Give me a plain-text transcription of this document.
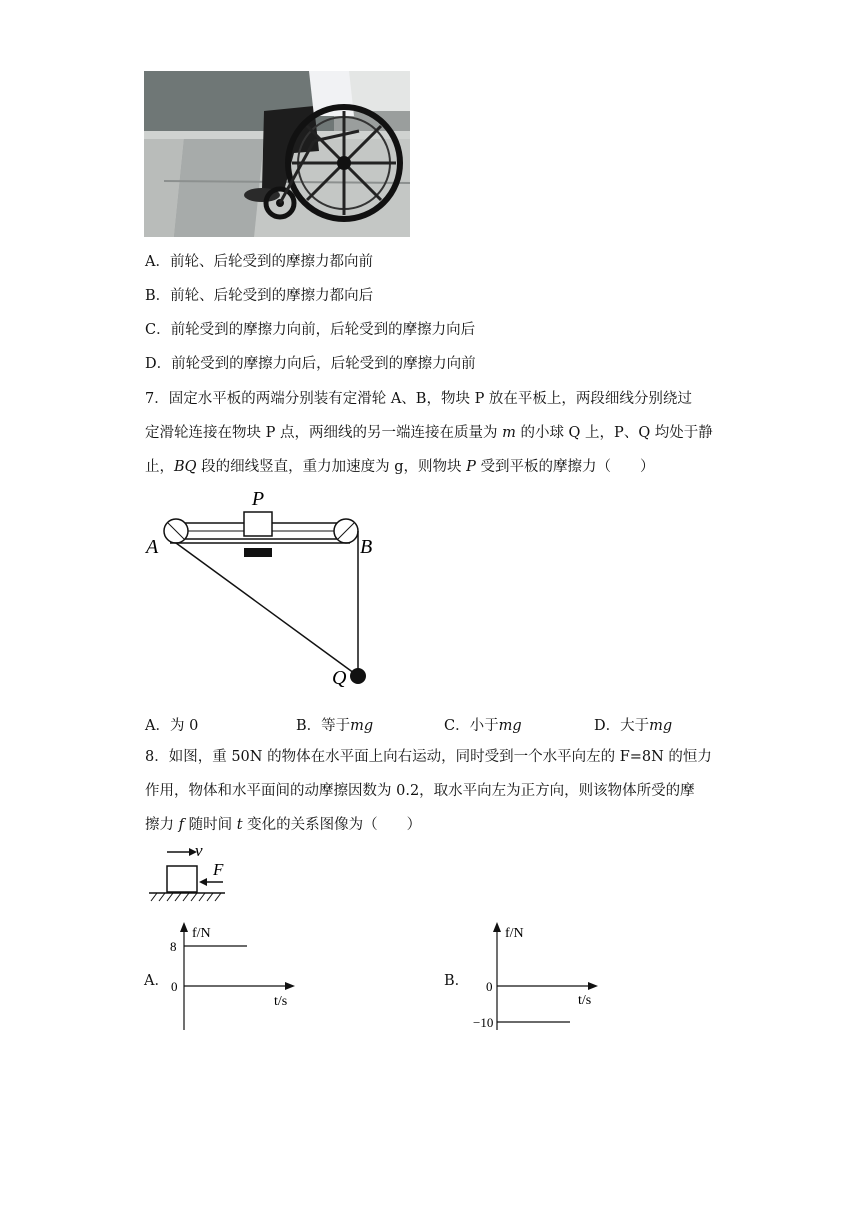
A．前轮、后轮受到的摩擦力都向前
B．前轮、后轮受到的摩擦力都向后
C．前轮受到的摩擦力向前，后轮受到的摩擦力向后
D．前轮受到的摩擦力向后，后轮受到的摩擦力向前
7．固定水平板的两端分别装有定滑轮 A、B，物块 P 放在平板上，两段细线分别绕过
定滑轮连接在物块 P 点，两细线的另一端连接在质量为 m 的小球 Q 上，P、Q 均处于静
止，BQ 段的细线竖直，重力加速度为 g，则物块 P 受到平板的摩擦力（　　）
P
A	B
Q
A．为 0	B．等于mg	C．小于mg	D．大于mg
8．如图，重 50N 的物体在水平面上向右运动，同时受到一个水平向左的 F=8N 的恒力
作用，物体和水平面间的动摩擦因数为 0.2，取水平向左为正方向，则该物体所受的摩
擦力 f 随时间 t 变化的关系图像为（　　）
v
F
A．
f/N
8
0
t/s
B．
f/N
0
−10
t/s
